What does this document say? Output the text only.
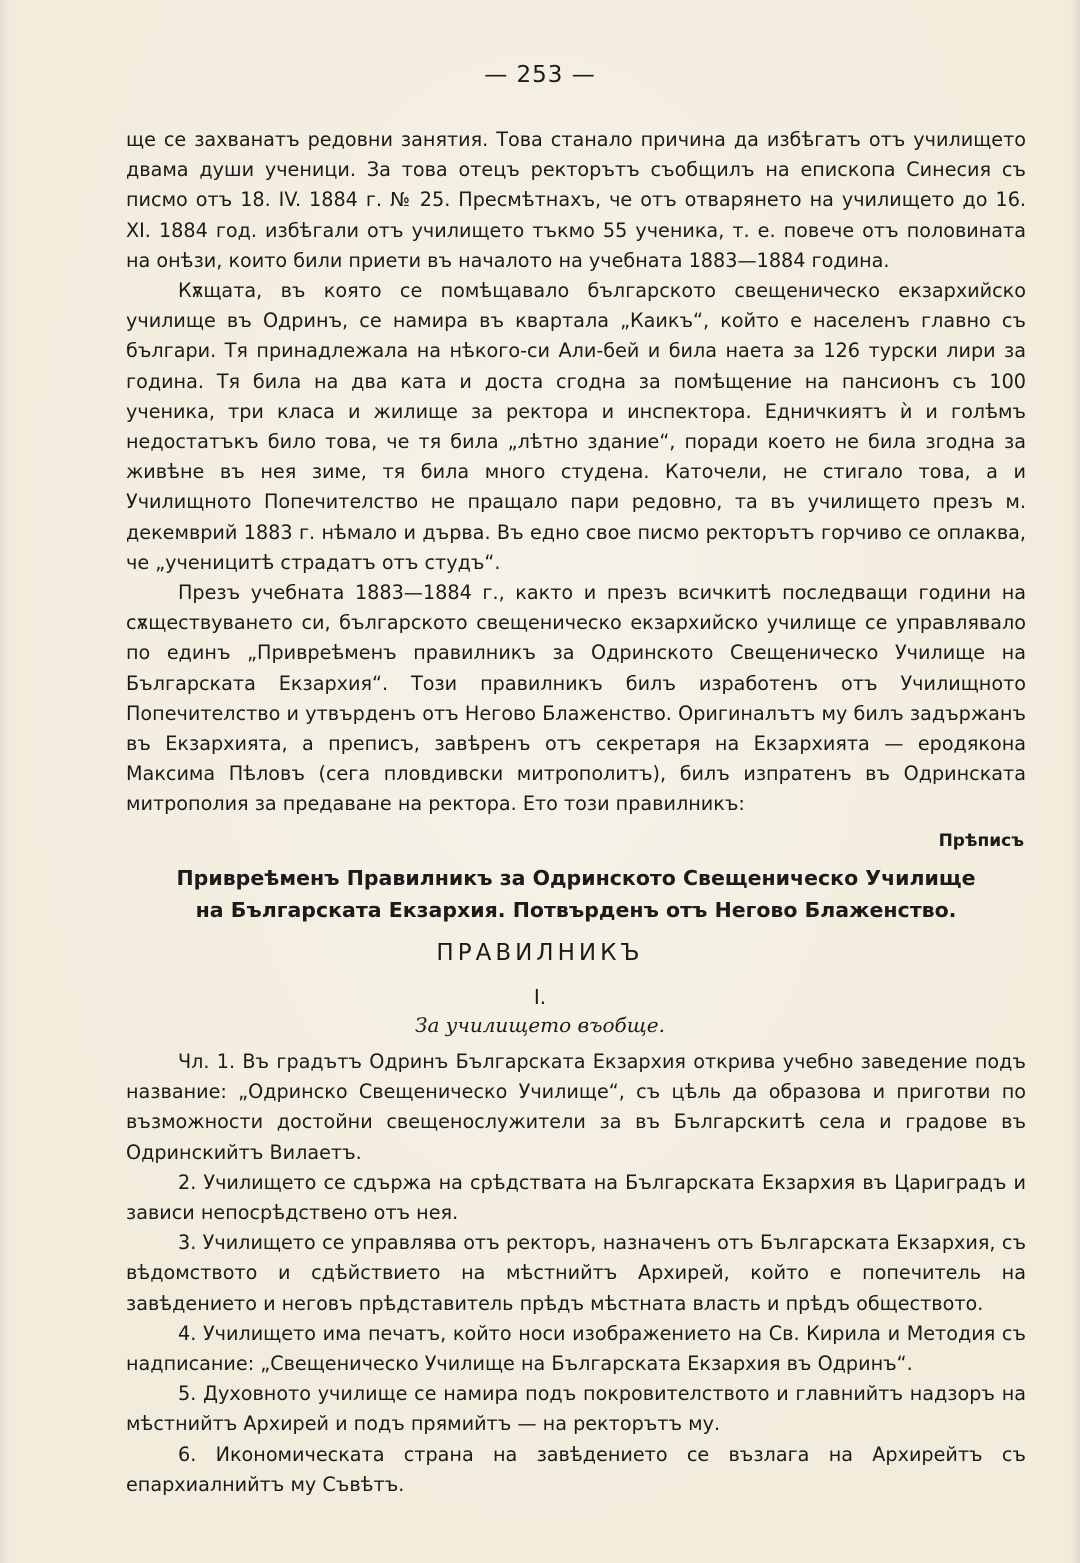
— 253 —

ще се захванатъ редовни занятия. Това станало причина да избѣгатъ отъ училището двама души ученици. За това отецъ ректорътъ съобщилъ на епископа Синесия съ писмо отъ 18. IV. 1884 г. № 25. Пресмѣтнахъ, че отъ отварянето на училището до 16. XI. 1884 год. избѣгали отъ училището тъкмо 55 ученика, т. е. повече отъ половината на онѣзи, които били приети въ началото на учебната 1883—1884 година.

Кѫщата, въ която се помѣщавало българското свещеническо екзархийско училище въ Одринъ, се намира въ квартала „Каикъ“, който е населенъ главно съ българи. Тя принадлежала на нѣкого-си Али-бей и била наета за 126 турски лири за година. Тя била на два ката и доста сгодна за помѣщение на пансионъ съ 100 ученика, три класа и жилище за ректора и инспектора. Едничкиятъ ѝ и голѣмъ недостатъкъ било това, че тя била „лѣтно здание“, поради което не била згодна за живѣне въ нея зиме, тя била много студена. Каточели, не стигало това, а и Училищното Попечителство не пращало пари редовно, та въ училището презъ м. декемврий 1883 г. нѣмало и дърва. Въ едно свое писмо ректорътъ горчиво се оплаква, че „ученицитѣ страдатъ отъ студъ“.

Презъ учебната 1883—1884 г., както и презъ всичкитѣ последващи години на сѫществуването си, българското свещеническо екзархийско училище се управлявало по единъ „Привреѣменъ правилникъ за Одринското Свещеническо Училище на Българската Екзархия“. Този правилникъ билъ изработенъ отъ Училищното Попечителство и утвърденъ отъ Негово Блаженство. Оригиналътъ му билъ задържанъ въ Екзархията, а преписъ, завѣренъ отъ секретаря на Екзархията — еродякона Максима Пѣловъ (сега пловдивски митрополитъ), билъ изпратенъ въ Одринската митрополия за предаване на ректора. Ето този правилникъ:

Прѣписъ
Привреѣменъ Правилникъ за Одринското Свещеническо Училище
на Българската Екзархия. Потвърденъ отъ Негово Блаженство.
ПРАВИЛНИКЪ
I.
За училището въобще.

Чл. 1. Въ градътъ Одринъ Българската Екзархия открива учебно заведение подъ название: „Одринско Свещеническо Училище“, съ цѣль да образова и приготви по възможности достойни свещенослужители за въ Българскитѣ села и градове въ Одринскийтъ Вилаетъ.

2. Училището се сдържа на срѣдствата на Българската Екзархия въ Цариградъ и зависи непосрѣдствено отъ нея.

3. Училището се управлява отъ ректоръ, назначенъ отъ Българската Екзархия, съ вѣдомството и сдѣйствието на мѣстнийтъ Архирей, който е попечитель на завѣдението и неговъ прѣдставитель прѣдъ мѣстната власть и прѣдъ обществото.

4. Училището има печатъ, който носи изображението на Св. Кирила и Методия съ надписание: „Свещеническо Училище на Българската Екзархия въ Одринъ“.

5. Духовното училище се намира подъ покровителството и главнийтъ надзоръ на мѣстнийтъ Архирей и подъ прямийтъ — на ректорътъ му.

6. Икономическата страна на завѣдението се възлага на Архирейтъ съ епархиалнийтъ му Съвѣтъ.
